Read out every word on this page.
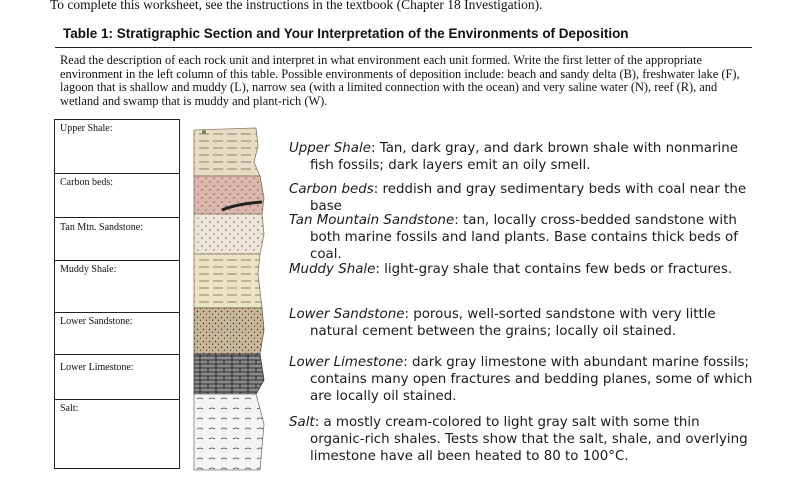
To complete this worksheet, see the instructions in the textbook (Chapter 18 Investigation).
Table 1: Stratigraphic Section and Your Interpretation of the Environments of Deposition
Read the description of each rock unit and interpret in what environment each unit formed. Write the first letter of the appropriate environment in the left column of this table. Possible environments of deposition include: beach and sandy delta (B), freshwater lake (F), lagoon that is shallow and muddy (L), narrow sea (with a limited connection with the ocean) and very saline water (N), reef (R), and wetland and swamp that is muddy and plant-rich (W).
Upper Shale:
Carbon beds:
Tan Mtn. Sandstone:
Muddy Shale:
Lower Sandstone:
Lower Limestone:
Salt:
Upper Shale: Tan, dark gray, and dark brown shale with nonmarine fish fossils; dark layers emit an oily smell.
Carbon beds: reddish and gray sedimentary beds with coal near the base
Tan Mountain Sandstone: tan, locally cross-bedded sandstone with both marine fossils and land plants. Base contains thick beds of coal.
Muddy Shale: light-gray shale that contains few beds or fractures.
Lower Sandstone: porous, well-sorted sandstone with very little natural cement between the grains; locally oil stained.
Lower Limestone: dark gray limestone with abundant marine fossils; contains many open fractures and bedding planes, some of which are locally oil stained.
Salt: a mostly cream-colored to light gray salt with some thin organic-rich shales. Tests show that the salt, shale, and overlying limestone have all been heated to 80 to 100°C.
